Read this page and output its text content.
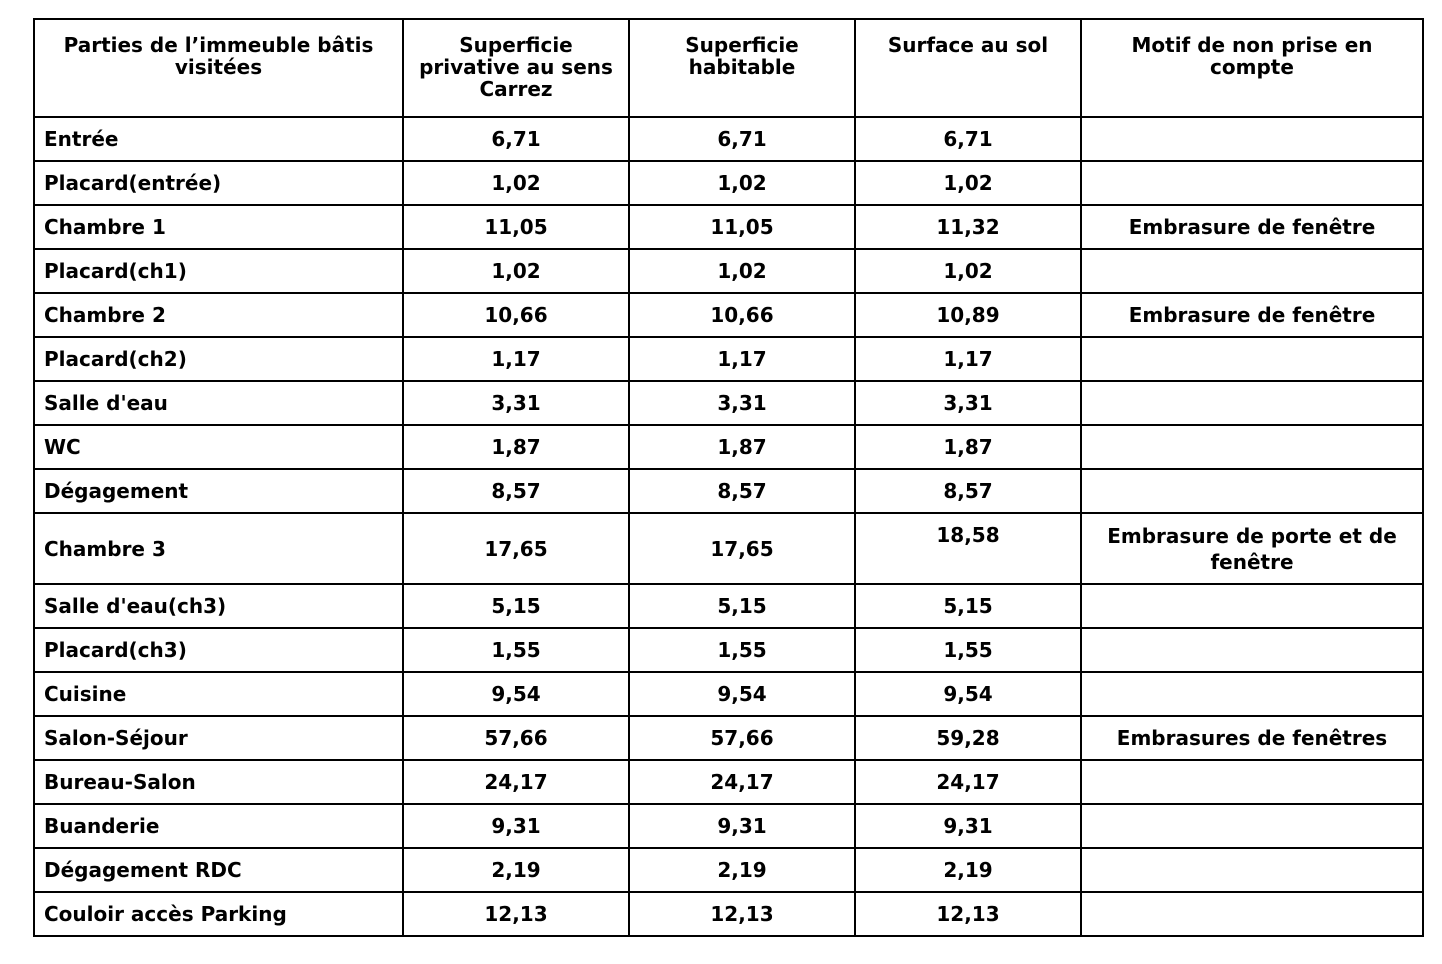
Parties de l’immeuble bâtis visitées	Superficie privative au sens Carrez	Superficie habitable	Surface au sol	Motif de non prise en compte
Entrée	6,71	6,71	6,71	
Placard(entrée)	1,02	1,02	1,02	
Chambre 1	11,05	11,05	11,32	Embrasure de fenêtre
Placard(ch1)	1,02	1,02	1,02	
Chambre 2	10,66	10,66	10,89	Embrasure de fenêtre
Placard(ch2)	1,17	1,17	1,17	
Salle d'eau	3,31	3,31	3,31	
WC	1,87	1,87	1,87	
Dégagement	8,57	8,57	8,57	
Chambre 3	17,65	17,65	18,58	Embrasure de porte et de fenêtre
Salle d'eau(ch3)	5,15	5,15	5,15	
Placard(ch3)	1,55	1,55	1,55	
Cuisine	9,54	9,54	9,54	
Salon-Séjour	57,66	57,66	59,28	Embrasures de fenêtres
Bureau-Salon	24,17	24,17	24,17	
Buanderie	9,31	9,31	9,31	
Dégagement RDC	2,19	2,19	2,19	
Couloir accès Parking	12,13	12,13	12,13	
